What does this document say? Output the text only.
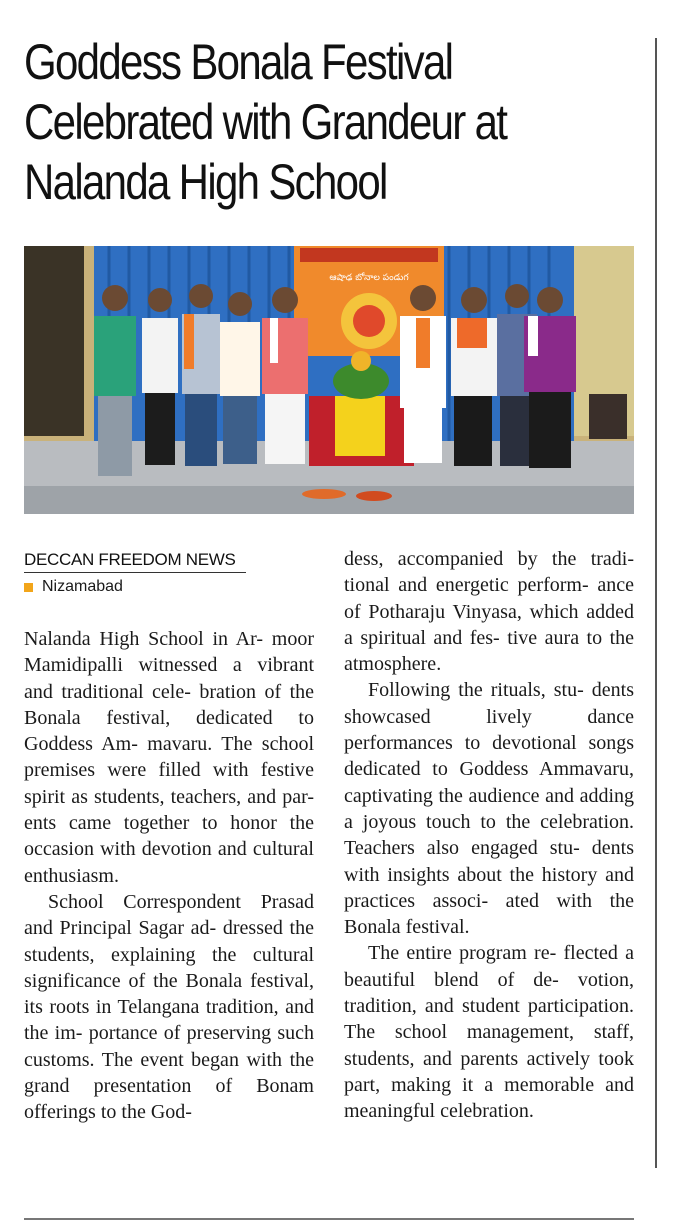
Goddess Bonala Festival
Celebrated with Grandeur at
Nalanda High School
ఆషాఢ బోనాల పండుగ
DECCAN FREEDOM NEWS
Nizamabad

Nalanda High School in Ar- moor Mamidipalli witnessed a vibrant and traditional cele- bration of the Bonala festival, dedicated to Goddess Am- mavaru. The school premises were filled with festive spirit as students, teachers, and par- ents came together to honor the occasion with devotion and cultural enthusiasm.

School Correspondent Prasad and Principal Sagar ad- dressed the students, explaining the cultural significance of the Bonala festival, its roots in Telangana tradition, and the im- portance of preserving such customs. The event began with the grand presentation of Bonam offerings to the God-

dess, accompanied by the tradi- tional and energetic perform- ance of Potharaju Vinyasa, which added a spiritual and fes- tive aura to the atmosphere.

Following the rituals, stu- dents showcased lively dance performances to devotional songs dedicated to Goddess Ammavaru, captivating the audience and adding a joyous touch to the celebration. Teachers also engaged stu- dents with insights about the history and practices associ- ated with the Bonala festival.

The entire program re- flected a beautiful blend of de- votion, tradition, and student participation. The school management, staff, students, and parents actively took part, making it a memorable and meaningful celebration.
